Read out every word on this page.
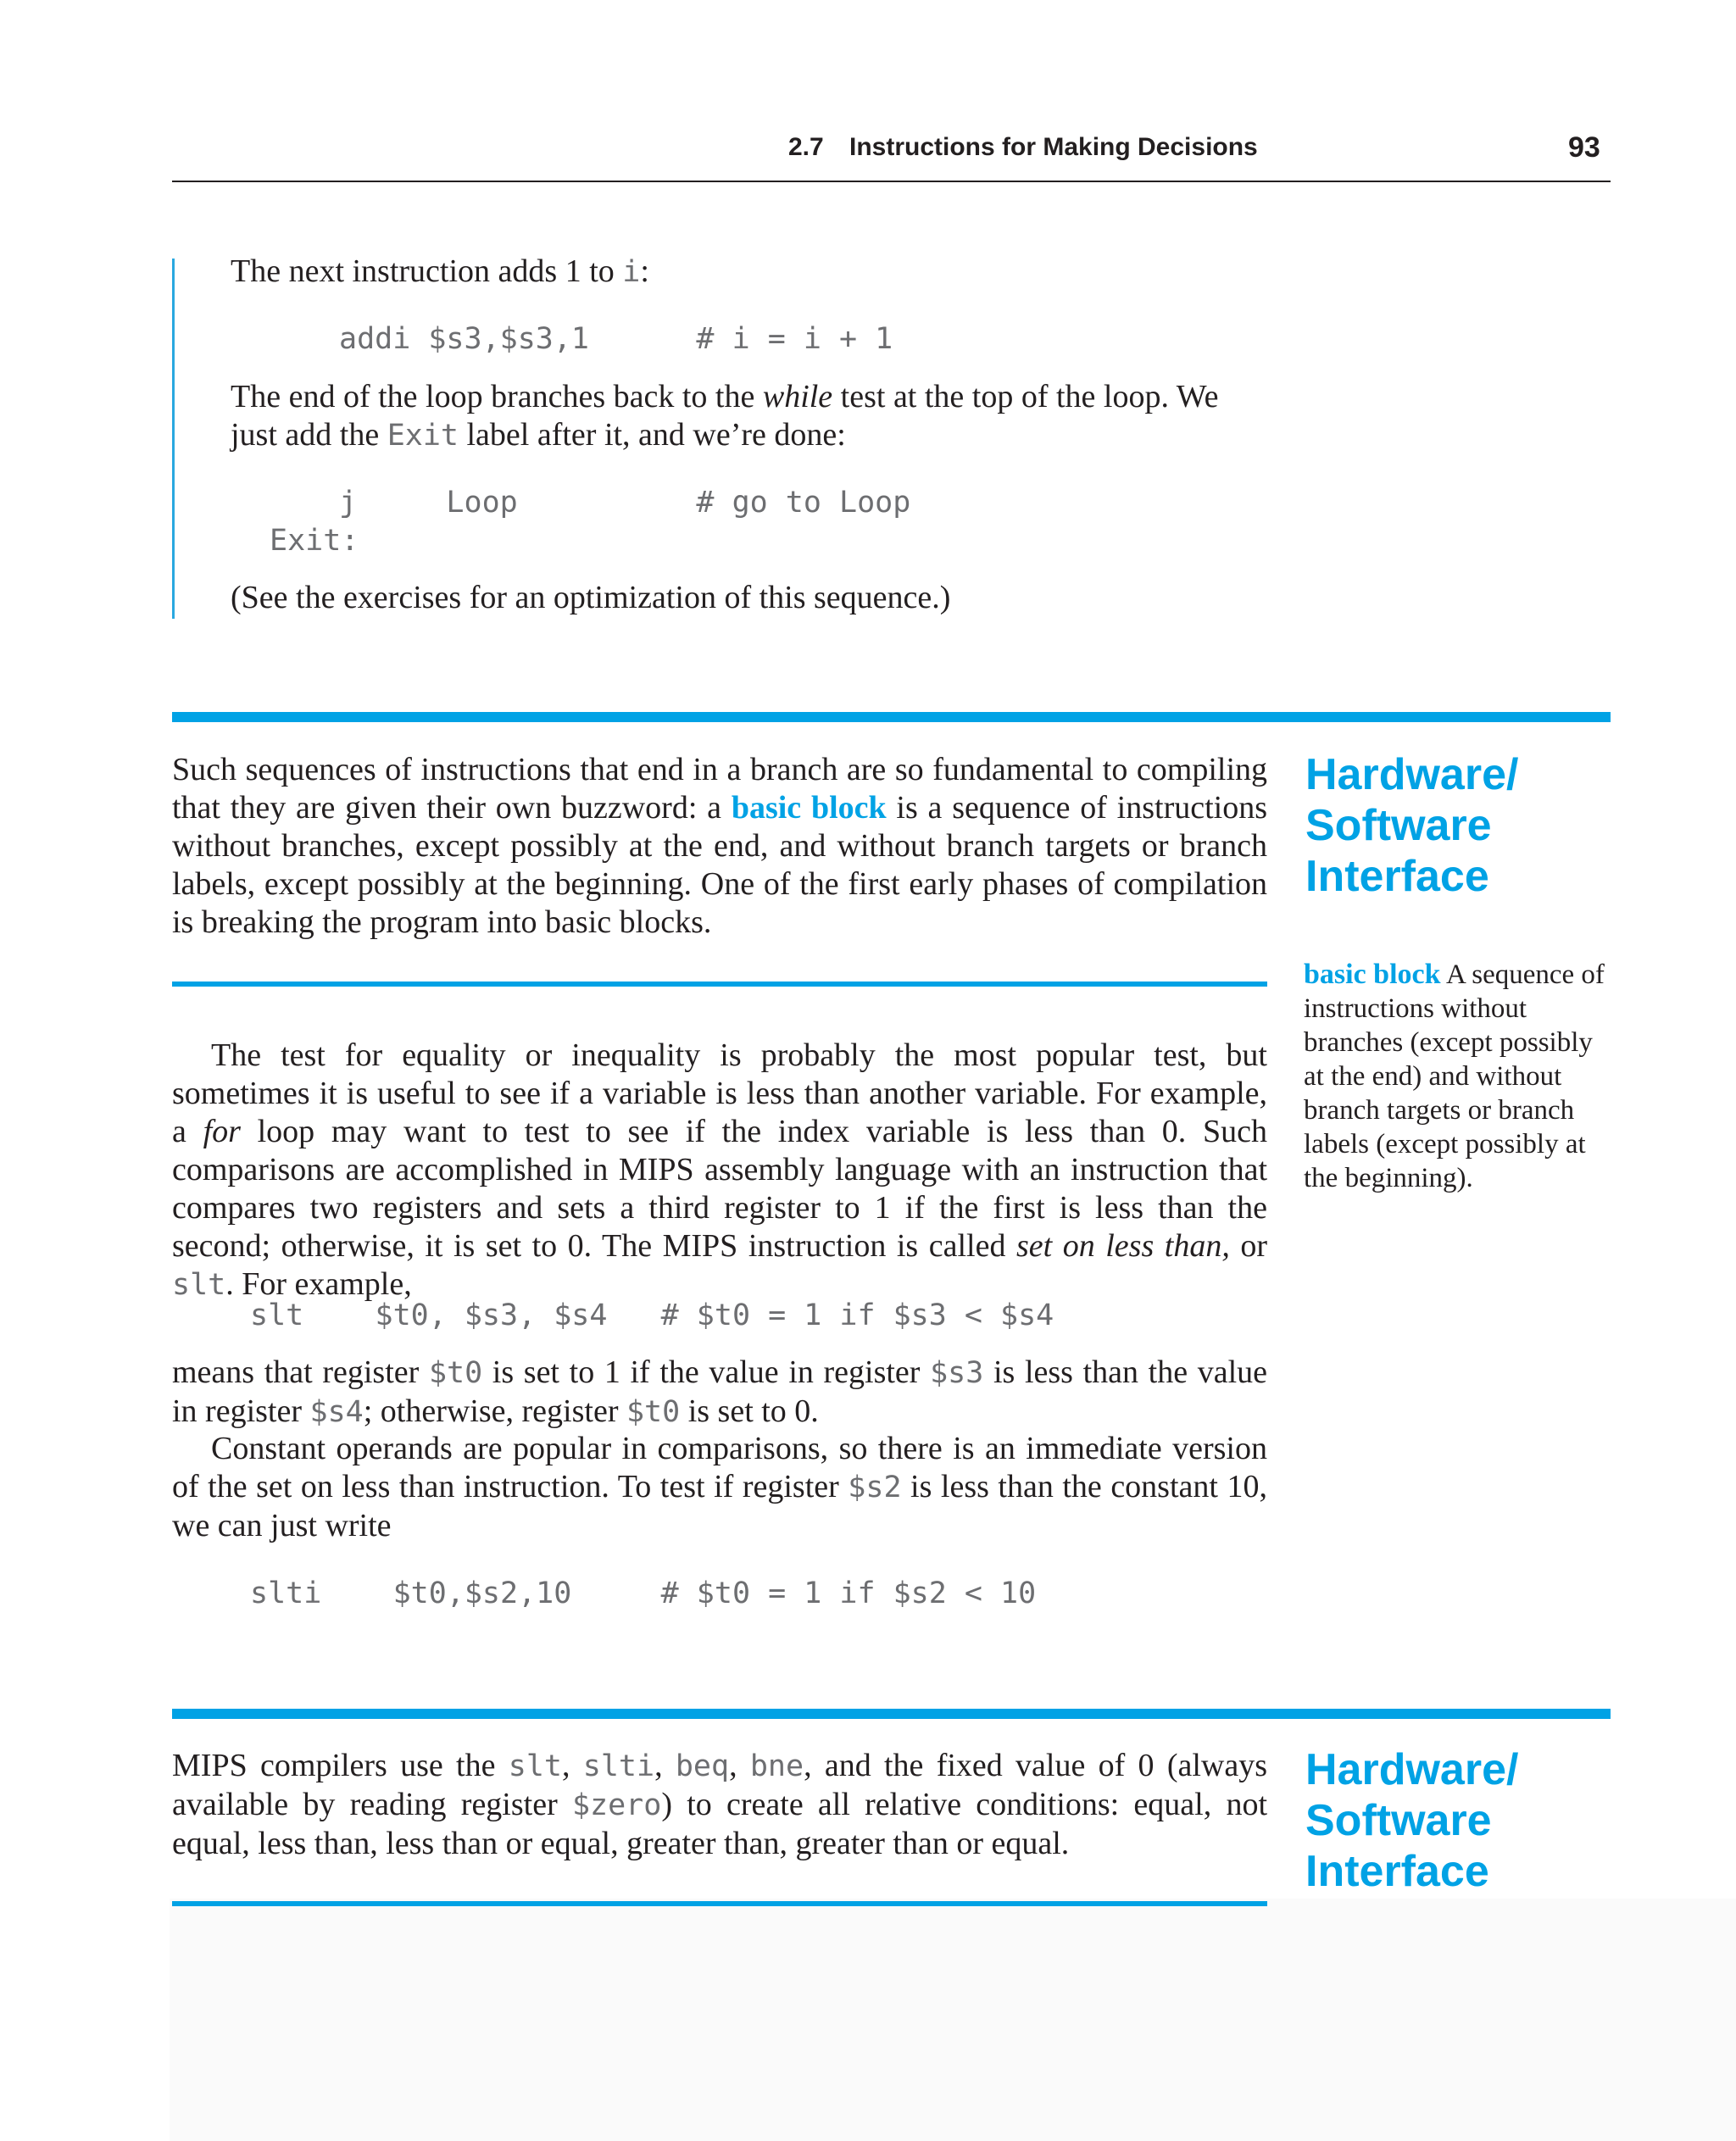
2.7 Instructions for Making Decisions	93
The next instruction adds 1 to i:
addi $s3,$s3,1      # i = i + 1
The end of the loop branches back to the while test at the top of the loop. We
just add the Exit label after it, and we’re done:
j     Loop          # go to Loop
Exit:
(See the exercises for an optimization of this sequence.)
Such sequences of instructions that end in a branch are so fundamental to compiling that they are given their own buzzword: a basic block is a sequence of instructions without branches, except possibly at the end, and without branch targets or branch labels, except possibly at the beginning. One of the first early phases of compilation is breaking the program into basic blocks.
Hardware/
Software
Interface
basic block A sequence of instructions without branches (except possibly at the end) and without branch targets or branch labels (except possibly at the beginning).
The test for equality or inequality is probably the most popular test, but sometimes it is useful to see if a variable is less than another variable. For example, a for loop may want to test to see if the index variable is less than 0. Such comparisons are accomplished in MIPS assembly language with an instruction that compares two registers and sets a third register to 1 if the first is less than the second; otherwise, it is set to 0. The MIPS instruction is called set on less than, or slt. For example,
slt    $t0, $s3, $s4   # $t0 = 1 if $s3 < $s4
means that register $t0 is set to 1 if the value in register $s3 is less than the value in register $s4; otherwise, register $t0 is set to 0.
Constant operands are popular in comparisons, so there is an immediate version of the set on less than instruction. To test if register $s2 is less than the constant 10, we can just write
slti    $t0,$s2,10     # $t0 = 1 if $s2 < 10
MIPS compilers use the slt, slti, beq, bne, and the fixed value of 0 (always available by reading register $zero) to create all relative conditions: equal, not equal, less than, less than or equal, greater than, greater than or equal.
Hardware/
Software
Interface
